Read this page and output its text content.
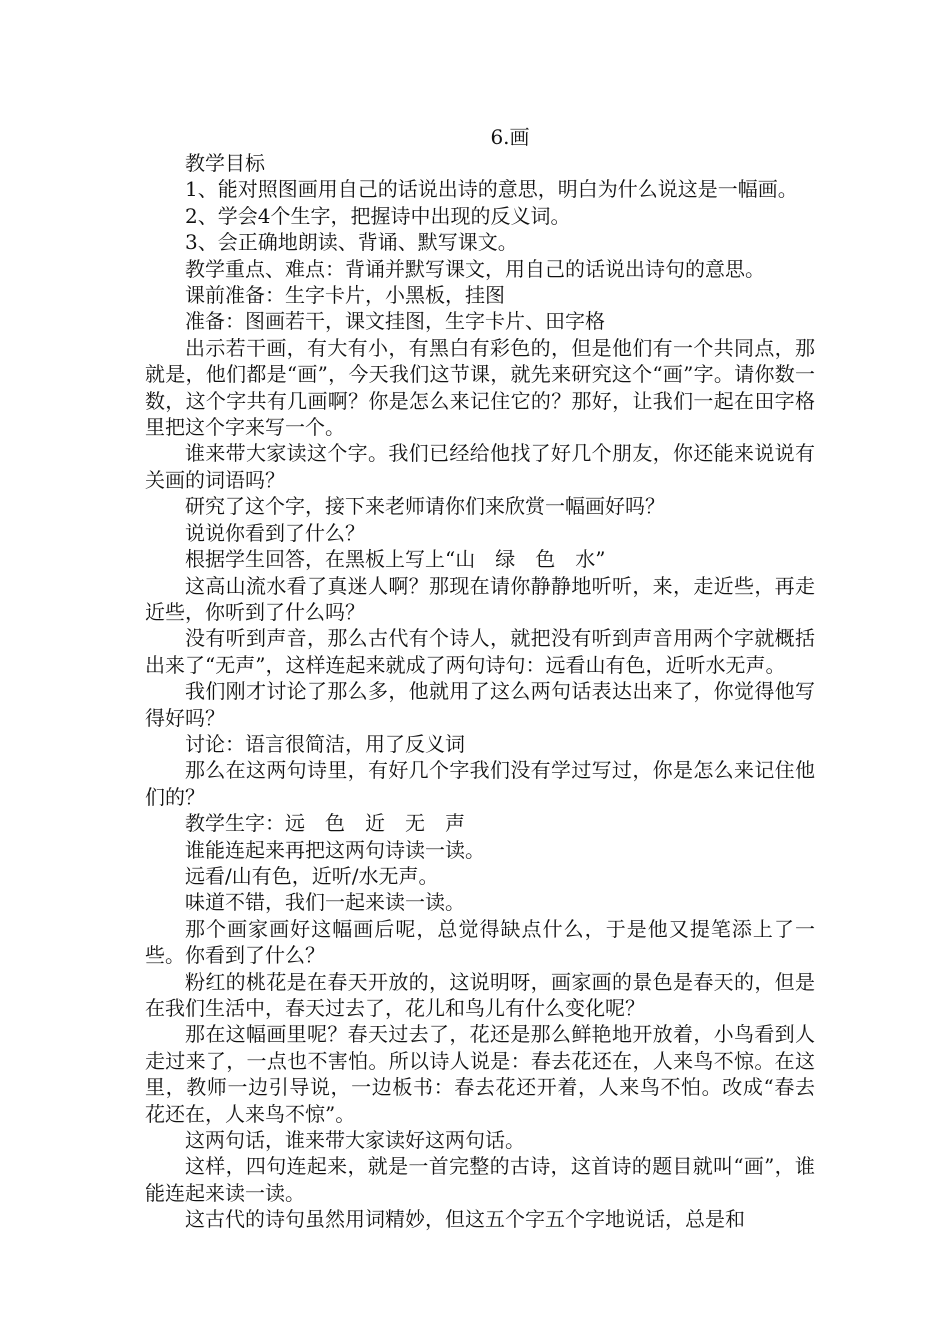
6.画

教学目标

1、能对照图画用自己的话说出诗的意思，明白为什么说这是一幅画。

2、学会4个生字，把握诗中出现的反义词。

3、会正确地朗读、背诵、默写课文。

教学重点、难点：背诵并默写课文，用自己的话说出诗句的意思。

课前准备：生字卡片，小黑板，挂图

准备：图画若干，课文挂图，生字卡片、田字格

出示若干画，有大有小，有黑白有彩色的，但是他们有一个共同点，那就是，他们都是“画”，今天我们这节课，就先来研究这个“画”字。请你数一数，这个字共有几画啊？你是怎么来记住它的？那好，让我们一起在田字格里把这个字来写一个。

谁来带大家读这个字。我们已经给他找了好几个朋友，你还能来说说有关画的词语吗？

研究了这个字，接下来老师请你们来欣赏一幅画好吗？

说说你看到了什么？

根据学生回答，在黑板上写上“山　绿　色　水”

这高山流水看了真迷人啊？那现在请你静静地听听，来，走近些，再走近些，你听到了什么吗？

没有听到声音，那么古代有个诗人，就把没有听到声音用两个字就概括出来了“无声”，这样连起来就成了两句诗句：远看山有色，近听水无声。

我们刚才讨论了那么多，他就用了这么两句话表达出来了，你觉得他写得好吗？

讨论：语言很简洁，用了反义词

那么在这两句诗里，有好几个字我们没有学过写过，你是怎么来记住他们的？

教学生字：远　色　近　无　声

谁能连起来再把这两句诗读一读。

远看/山有色，近听/水无声。

味道不错，我们一起来读一读。

那个画家画好这幅画后呢，总觉得缺点什么，于是他又提笔添上了一些。你看到了什么？

粉红的桃花是在春天开放的，这说明呀，画家画的景色是春天的，但是在我们生活中，春天过去了，花儿和鸟儿有什么变化呢？

那在这幅画里呢？春天过去了，花还是那么鲜艳地开放着，小鸟看到人走过来了，一点也不害怕。所以诗人说是：春去花还在，人来鸟不惊。在这里，教师一边引导说，一边板书：春去花还开着，人来鸟不怕。改成“春去花还在，人来鸟不惊”。

这两句话，谁来带大家读好这两句话。

这样，四句连起来，就是一首完整的古诗，这首诗的题目就叫“画”，谁能连起来读一读。

这古代的诗句虽然用词精妙，但这五个字五个字地说话，总是和
